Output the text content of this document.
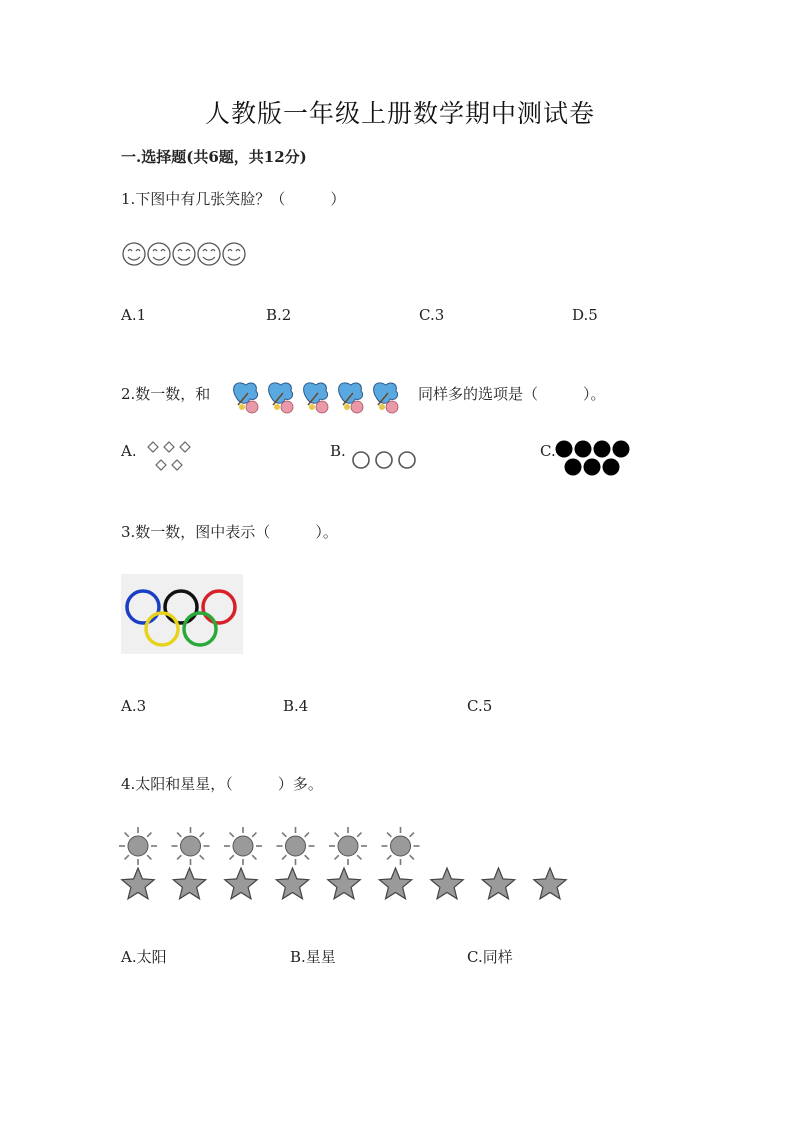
人教版一年级上册数学期中测试卷
一.选择题(共6题，共12分)
1.下图中有几张笑脸？（　　　）
A.1	B.2	C.3	D.5
2.数一数，和	同样多的选项是（　　　）。
A.	B.	C.
3.数一数，图中表示（　　　）。
A.3	B.4	C.5
4.太阳和星星，（　　　）多。
A.太阳	B.星星	C.同样
